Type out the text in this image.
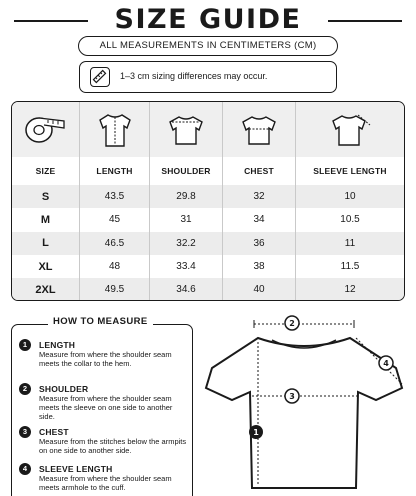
SIZE GUIDE
ALL MEASUREMENTS IN CENTIMETERS (CM)
1–3 cm sizing differences may occur.
SIZE	LENGTH	SHOULDER	CHEST	SLEEVE LENGTH
S	43.5	29.8	32	10
M	45	31	34	10.5
L	46.5	32.2	36	11
XL	48	33.4	38	11.5
2XL	49.5	34.6	40	12
HOW TO MEASURE
1	LENGTH
Measure from where the shoulder seam meets the collar to the hem.
2	SHOULDER
Measure from where the shoulder seam meets the sleeve on one side to another side.
3	CHEST
Measure from the stitches below the armpits on one side to another side.
4	SLEEVE LENGTH
Measure from where the shoulder seam meets armhole to the cuff.
1
2
3
4
